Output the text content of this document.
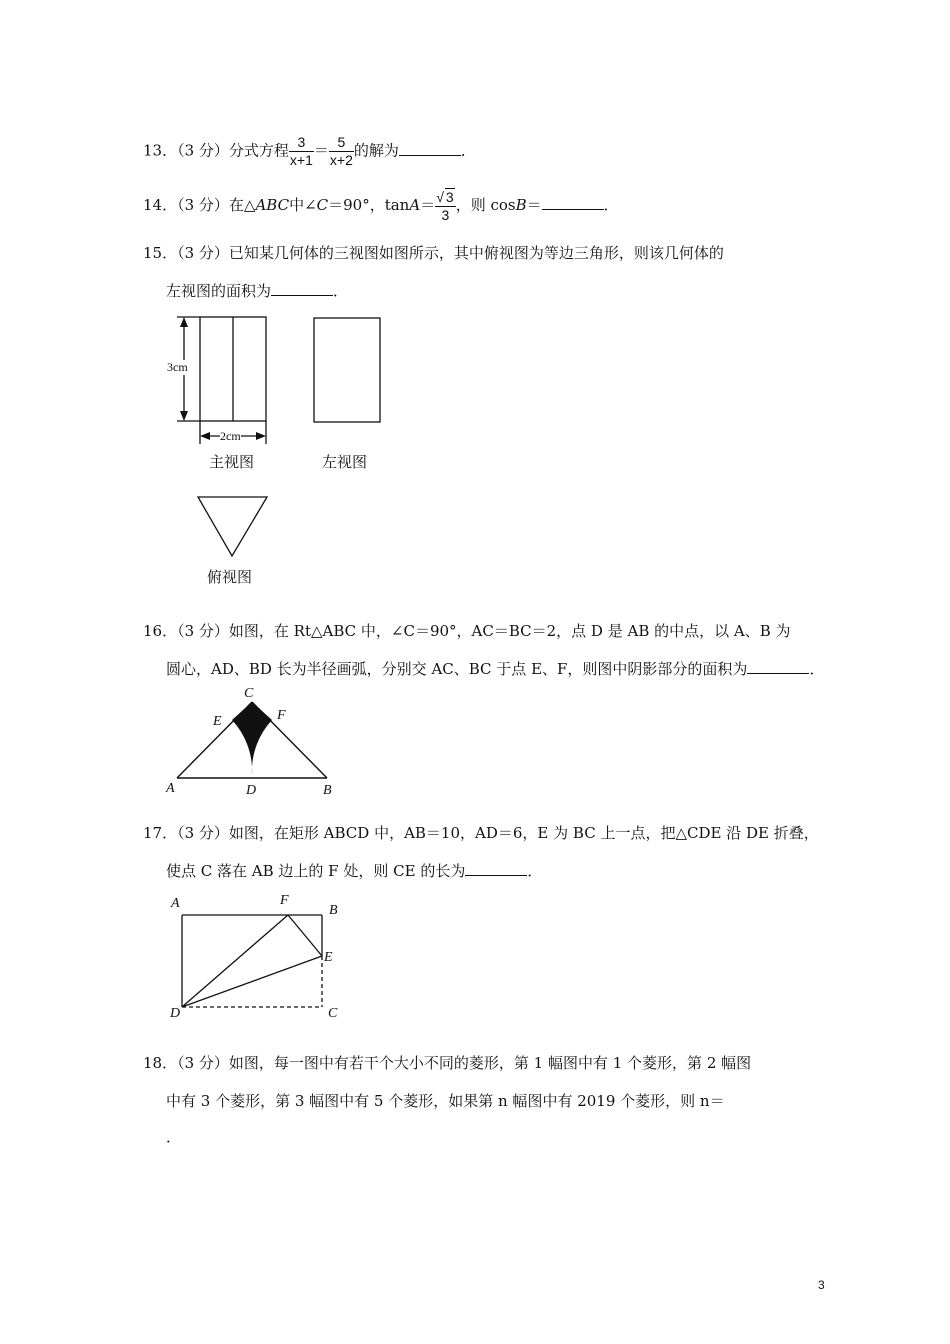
13．（3 分）分式方程 $\frac{3}{x+1} = \frac{5}{x+2}$ 的解为	．
14．（3 分）在△ABC中∠C＝90°，$\tan A= \frac{√ 3}{3}$ ，则 cosB＝	．
15．（3 分）已知某几何体的三视图如图所示，其中俯视图为等边三角形，则该几何体的
左视图的面积为	．
3cm
2cm
主视图	左视图
俯视图
16．（3 分）如图，在 Rt△ABC 中，∠C＝90°，AC＝BC＝2，点 D 是 AB 的中点，以 A、B 为
圆心，AD、BD 长为半径画弧，分别交 AC、BC 于点 E、F，则图中阴影部分的面积为	．
C
E	F
A	D	B
17．（3 分）如图，在矩形 ABCD 中，AB＝10，AD＝6，E 为 BC 上一点，把△CDE 沿 DE 折叠，
使点 C 落在 AB 边上的 F 处，则 CE 的长为	．
A	F
B
E
D	C
18．（3 分）如图，每一图中有若干个大小不同的菱形，第 1 幅图中有 1 个菱形，第 2 幅图
中有 3 个菱形，第 3 幅图中有 5 个菱形，如果第 n 幅图中有 2019 个菱形，则 n＝
．
3
